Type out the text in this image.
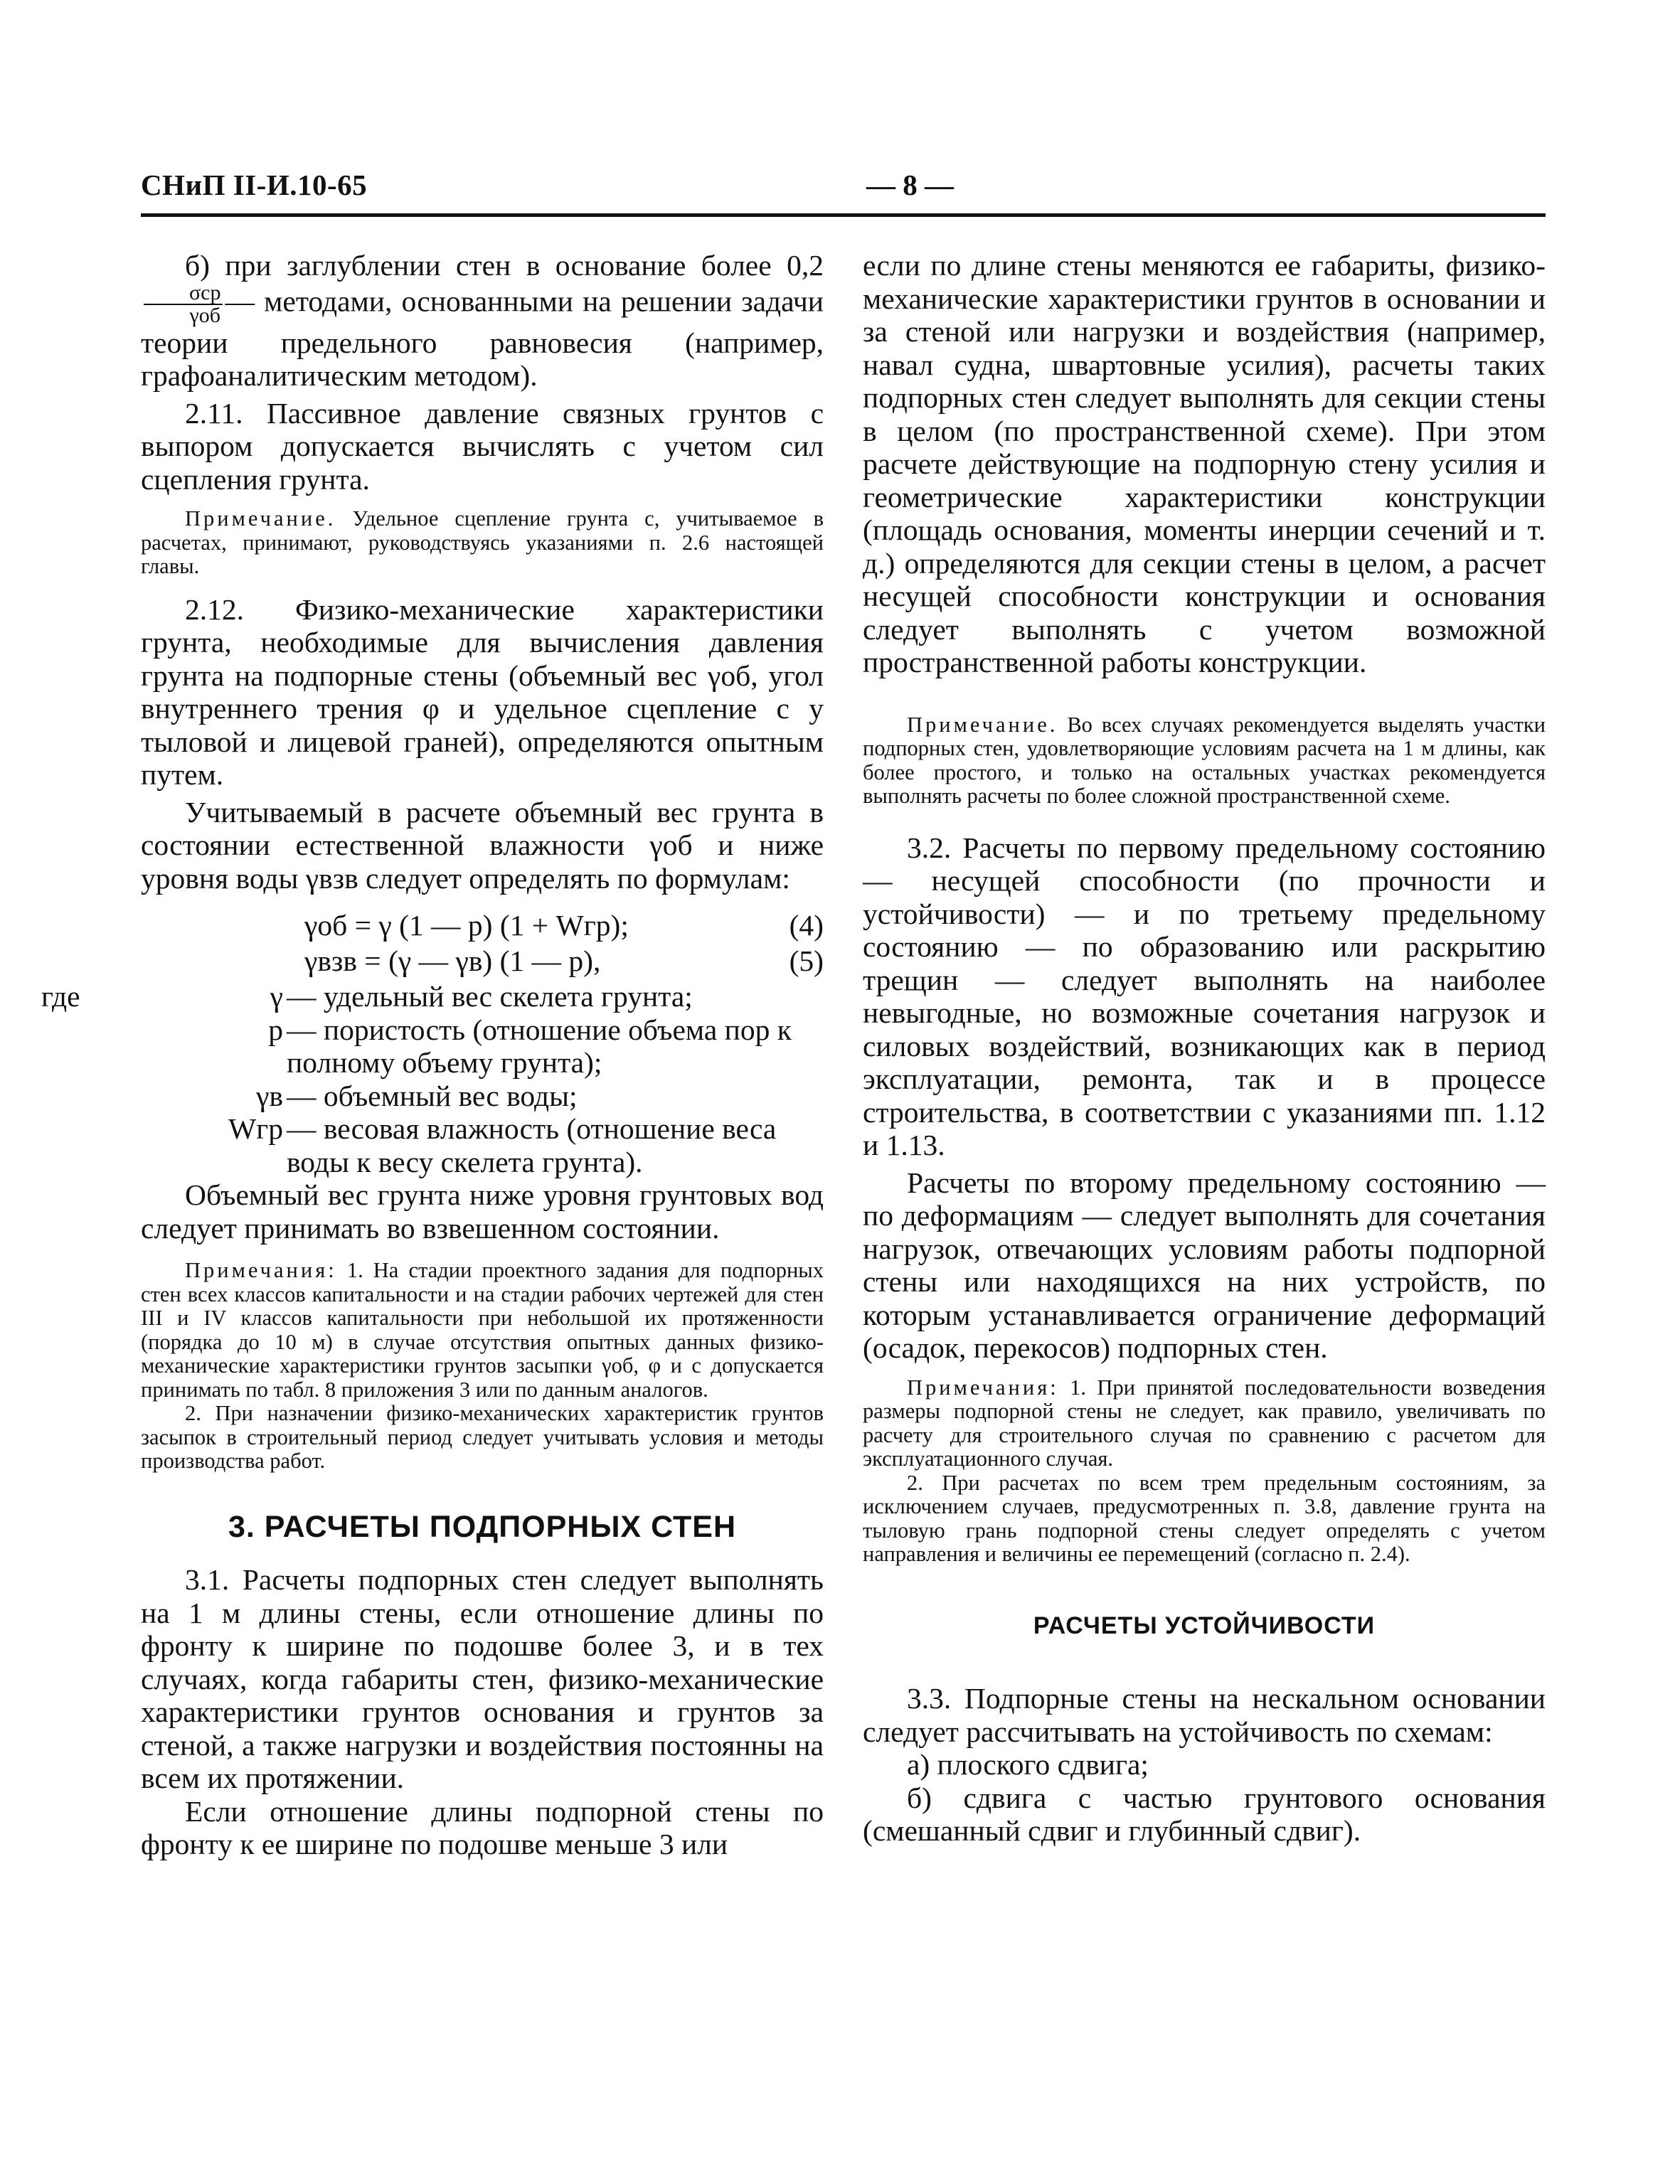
СНиП II-И.10-65	— 8 —

б) при заглублении стен в основание более 0,2
$\frac{\text{σср}}{\text{γоб}}$ — методами, основанными на решении задачи теории предельного равновесия (например, графоаналитическим методом).

2.11. Пассивное давление связных грунтов с выпором допускается вычислять с учетом сил сцепления грунта.

Примечание. Удельное сцепление грунта с, учитываемое в расчетах, принимают, руководствуясь указаниями п. 2.6 настоящей главы.

2.12. Физико-механические характеристики грунта, необходимые для вычисления давления грунта на подпорные стены (объемный вес γоб, угол внутреннего трения φ и удельное сцепление с у тыловой и лицевой граней), определяются опытным путем.

Учитываемый в расчете объемный вес грунта в состоянии естественной влажности γоб и ниже уровня воды γвзв следует определять по формулам:

γоб = γ (1 — p) (1 + Wгр);	(4)
γвзв = (γ — γв) (1 — p),	(5)

где	γ — удельный вес скелета грунта;

p — пористость (отношение объема пор к полному объему грунта);

γв — объемный вес воды;

Wгр — весовая влажность (отношение веса воды к весу скелета грунта).

Объемный вес грунта ниже уровня грунтовых вод следует принимать во взвешенном состоянии.

Примечания: 1. На стадии проектного задания для подпорных стен всех классов капитальности и на стадии рабочих чертежей для стен III и IV классов капитальности при небольшой их протяженности (порядка до 10 м) в случае отсутствия опытных данных физико-механические характеристики грунтов засыпки γоб, φ и с допускается принимать по табл. 8 приложения 3 или по данным аналогов.

2. При назначении физико-механических характеристик грунтов засыпок в строительный период следует учитывать условия и методы производства работ.

3. РАСЧЕТЫ ПОДПОРНЫХ СТЕН

3.1. Расчеты подпорных стен следует выполнять на 1 м длины стены, если отношение длины по фронту к ширине по подошве более 3, и в тех случаях, когда габариты стен, физико-механические характеристики грунтов основания и грунтов за стеной, а также нагрузки и воздействия постоянны на всем их протяжении.

Если отношение длины подпорной стены по фронту к ее ширине по подошве меньше 3 или

если по длине стены меняются ее габариты, физико-механические характеристики грунтов в основании и за стеной или нагрузки и воздействия (например, навал судна, швартовные усилия), расчеты таких подпорных стен следует выполнять для секции стены в целом (по пространственной схеме). При этом расчете действующие на подпорную стену усилия и геометрические характеристики конструкции (площадь основания, моменты инерции сечений и т. д.) определяются для секции стены в целом, а расчет несущей способности конструкции и основания следует выполнять с учетом возможной пространственной работы конструкции.

Примечание. Во всех случаях рекомендуется выделять участки подпорных стен, удовлетворяющие условиям расчета на 1 м длины, как более простого, и только на остальных участках рекомендуется выполнять расчеты по более сложной пространственной схеме.

3.2. Расчеты по первому предельному состоянию — несущей способности (по прочности и устойчивости) — и по третьему предельному состоянию — по образованию или раскрытию трещин — следует выполнять на наиболее невыгодные, но возможные сочетания нагрузок и силовых воздействий, возникающих как в период эксплуатации, ремонта, так и в процессе строительства, в соответствии с указаниями пп. 1.12 и 1.13.

Расчеты по второму предельному состоянию — по деформациям — следует выполнять для сочетания нагрузок, отвечающих условиям работы подпорной стены или находящихся на них устройств, по которым устанавливается ограничение деформаций (осадок, перекосов) подпорных стен.

Примечания: 1. При принятой последовательности возведения размеры подпорной стены не следует, как правило, увеличивать по расчету для строительного случая по сравнению с расчетом для эксплуатационного случая.

2. При расчетах по всем трем предельным состояниям, за исключением случаев, предусмотренных п. 3.8, давление грунта на тыловую грань подпорной стены следует определять с учетом направления и величины ее перемещений (согласно п. 2.4).

РАСЧЕТЫ УСТОЙЧИВОСТИ

3.3. Подпорные стены на нескальном основании следует рассчитывать на устойчивость по схемам:

а) плоского сдвига;

б) сдвига с частью грунтового основания (смешанный сдвиг и глубинный сдвиг).
